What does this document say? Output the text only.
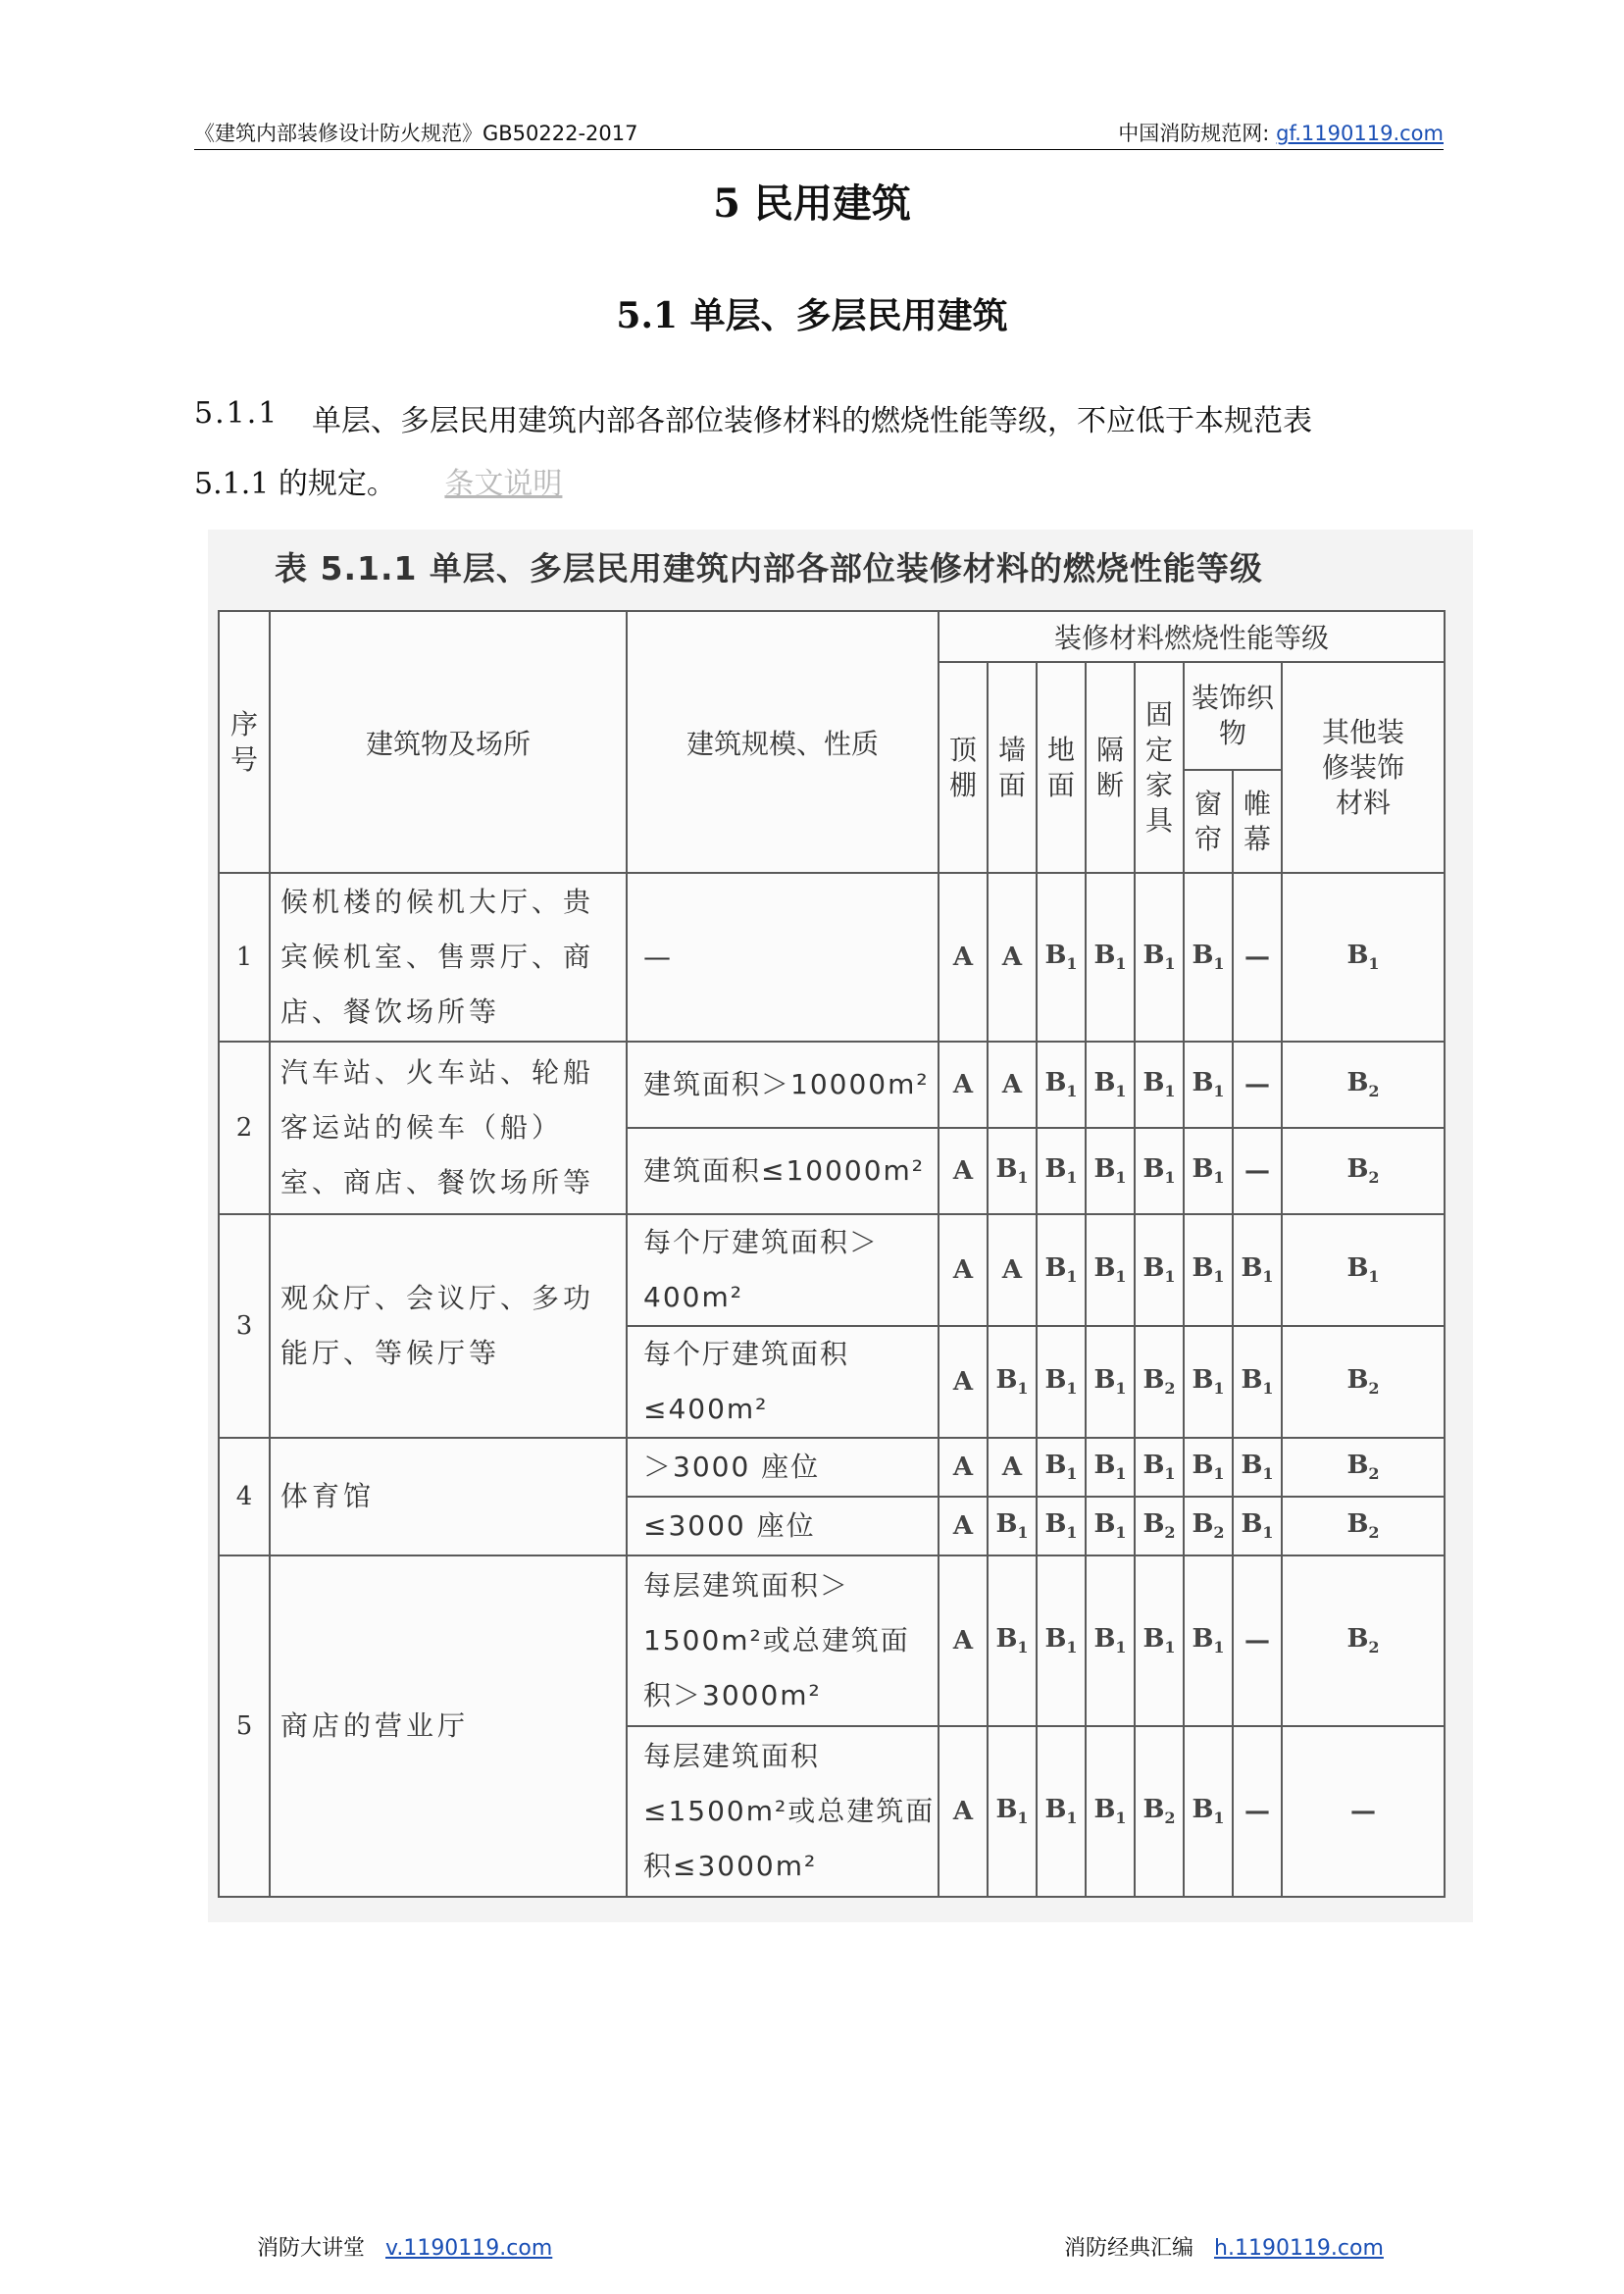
《建筑内部装修设计防火规范》GB50222-2017	中国消防规范网: gf.1190119.com
5 民用建筑
5.1 单层、多层民用建筑
5.1.1 单层、多层民用建筑内部各部位装修材料的燃烧性能等级，不应低于本规范表
5.1.1 的规定。 条文说明
表 5.1.1 单层、多层民用建筑内部各部位装修材料的燃烧性能等级
序号	建筑物及场所	建筑规模、性质	装修材料燃烧性能等级							
			顶棚	墙面	地面	隔断	固定家具	装饰织物		其他装修装饰材料
								窗帘	帷幕	
1	候机楼的候机大厅、贵宾候机室、售票厅、商店、餐饮场所等	—	A	A	$B_1$	$B_1$	$B_1$	$B_1$	—	$B_1$
2	汽车站、火车站、轮船客运站的候车（船）室、商店、餐饮场所等	建筑面积＞10000m²	A	A	$B_1$	$B_1$	$B_1$	$B_1$	—	$B_2$
		建筑面积≤10000m²	A	$B_1$	$B_1$	$B_1$	$B_1$	$B_1$	—	$B_2$
3	观众厅、会议厅、多功能厅、等候厅等	每个厅建筑面积＞400m²	A	A	$B_1$	$B_1$	$B_1$	$B_1$	$B_1$	$B_1$
		每个厅建筑面积≤400m²	A	$B_1$	$B_1$	$B_1$	$B_2$	$B_1$	$B_1$	$B_2$
4	体育馆	＞3000 座位	A	A	$B_1$	$B_1$	$B_1$	$B_1$	$B_1$	$B_2$
		≤3000 座位	A	$B_1$	$B_1$	$B_1$	$B_2$	$B_2$	$B_1$	$B_2$
5	商店的营业厅	每层建筑面积＞1500m²或总建筑面积＞3000m²	A	$B_1$	$B_1$	$B_1$	$B_1$	$B_1$	—	$B_2$
		每层建筑面积≤1500m²或总建筑面积≤3000m²	A	$B_1$	$B_1$	$B_1$	$B_2$	$B_1$	—	—
消防大讲堂 v.1190119.com	消防经典汇编 h.1190119.com
